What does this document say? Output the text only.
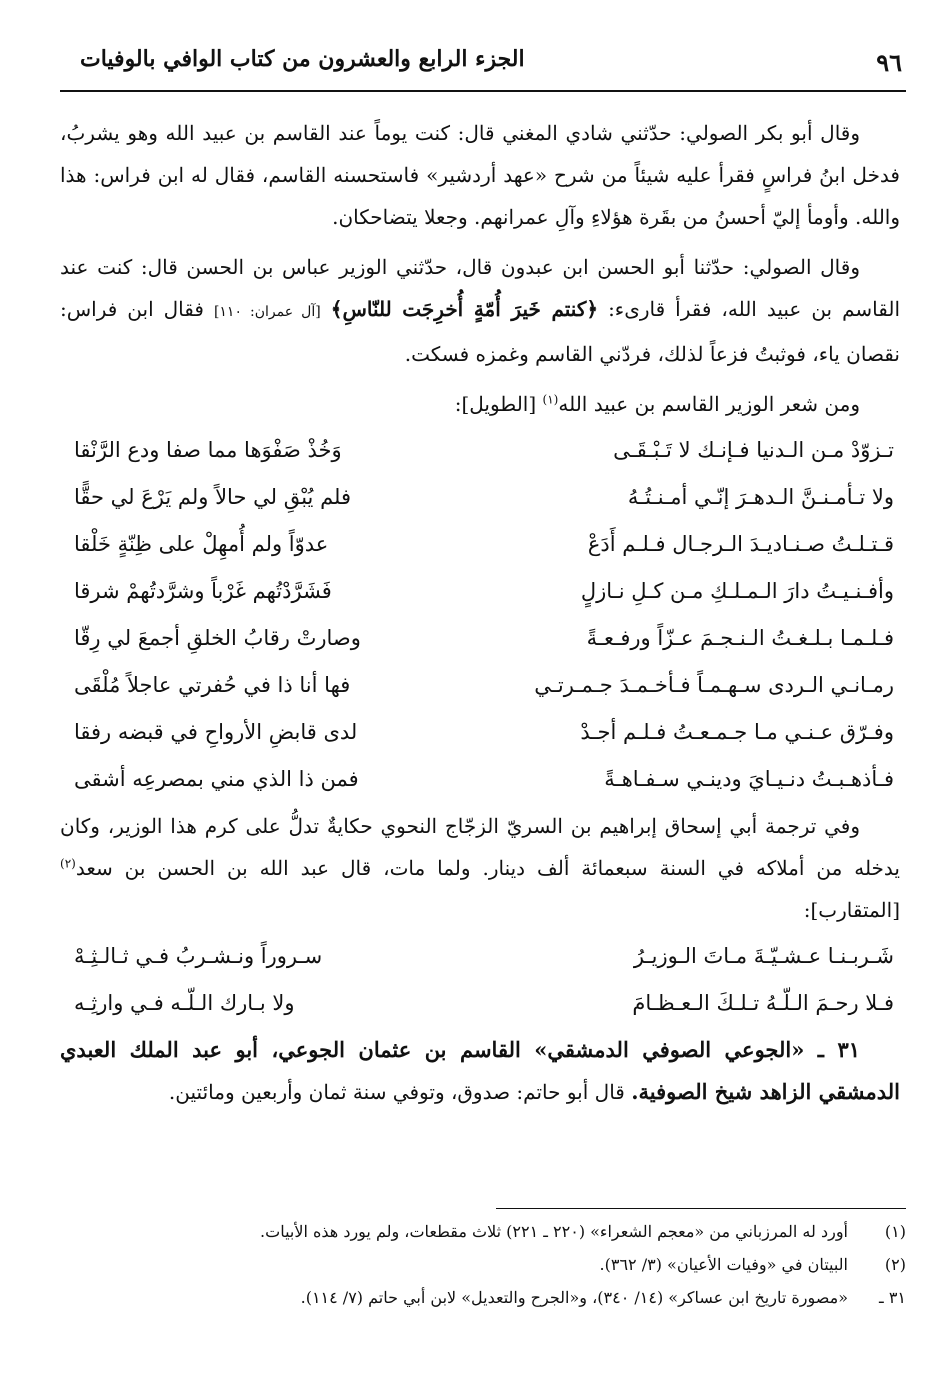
الجزء الرابع والعشرون من كتاب الوافي بالوفيات	٩٦

وقال أبو بكر الصولي: حدّثني شادي المغني قال: كنت يوماً عند القاسم بن عبيد الله وهو يشربُ، فدخل ابنُ فراسٍ فقرأ عليه شيئاً من شرح «عهد أردشير» فاستحسنه القاسم، فقال له ابن فراس: هذا والله. وأومأ إليّ أحسنُ من بقَرة هؤلاءِ وآلِ عمرانهم. وجعلا يتضاحكان.

وقال الصولي: حدّثنا أبو الحسن ابن عبدون قال، حدّثني الوزير عباس بن الحسن قال: كنت عند القاسم بن عبيد الله، فقرأ قارىء: ﴿كنتم خَيرَ أُمّةٍ أُخرِجَت للنّاسِ﴾ [آل عمران: ١١٠] فقال ابن فراس: نقصان ياء، فوثبتُ فزعاً لذلك، فردّني القاسم وغمزه فسكت.

ومن شعر الوزير القاسم بن عبيد الله$^{(١)}$ [الطويل]:

تـزوّدْ مـن الـدنيا فـإنـك لا تَـبْـقَـى
وَخُذْ صَفْوَها مما صفا ودع الرَّنْقا
ولا تـأمـنـنَّ الـدهـرَ إنّـي أمـنـتُـهُ
فلم يُبْقِ لي حالاً ولم يَرْعَ لي حقًّا
قـتـلـتُ صـنـاديـدَ الـرجـال فـلـم أَدَعْ
عدوّاً ولم أُمهِلْ على ظِنّةٍ خَلْقا
وأفـنـيـتُ دارَ الـمـلـكِ مـن كـلِ نـازلٍ
فَشَرَّدْتُهم غَرْباً وشرَّدتُهمْ شرقا
فـلـمـا بـلـغـتُ الـنـجـمَ عـزّاً ورفـعـةً
وصارتْ رقابُ الخلقِ أجمعَ لي رِقّا
رمـانـي الـردى سـهـمـاً فـأخـمـدَ جـمـرتـي
فها أنا ذا في حُفرتي عاجلاً مُلْقَى
وفـرّق عـنـي مـا جـمـعـتُ فـلـم أجـدْ
لدى قابضِ الأرواحِ في قبضه رفقا
فـأذهـبـتُ دنـيـايَ ودينـي سـفـاهـةً
فمن ذا الذي مني بمصرعِه أشقى

وفي ترجمة أبي إسحاق إبراهيم بن السريّ الزجّاج النحوي حكايةٌ تدلُّ على كرم هذا الوزير، وكان يدخله من أملاكه في السنة سبعمائة ألف دينار. ولما مات، قال عبد الله بن الحسن بن سعد$^{(٢)}$ [المتقارب]:

شَـربـنـا عـشـيّـةَ مـاتَ الـوزيـرُ
سـروراً ونـشـربُ فـي ثـالـثِـهْ
فـلا رحـمَ الـلّـهُ تـلـكَ الـعـظـامَ
ولا بـارك الـلّـه فـي وارثِـه

٣١ ـ «الجوعي الصوفي الدمشقي» القاسم بن عثمان الجوعي، أبو عبد الملك العبدي الدمشقي الزاهد شيخ الصوفية. قال أبو حاتم: صدوق، وتوفي سنة ثمان وأربعين ومائتين.

(١)
أورد له المرزباني من «معجم الشعراء» (٢٢٠ ـ ٢٢١) ثلاث مقطعات، ولم يورد هذه الأبيات.
(٢)
البيتان في «وفيات الأعيان» (٣/ ٣٦٢).
٣١ ـ
«مصورة تاريخ ابن عساكر» (١٤/ ٣٤٠)، و«الجرح والتعديل» لابن أبي حاتم (٧/ ١١٤).
